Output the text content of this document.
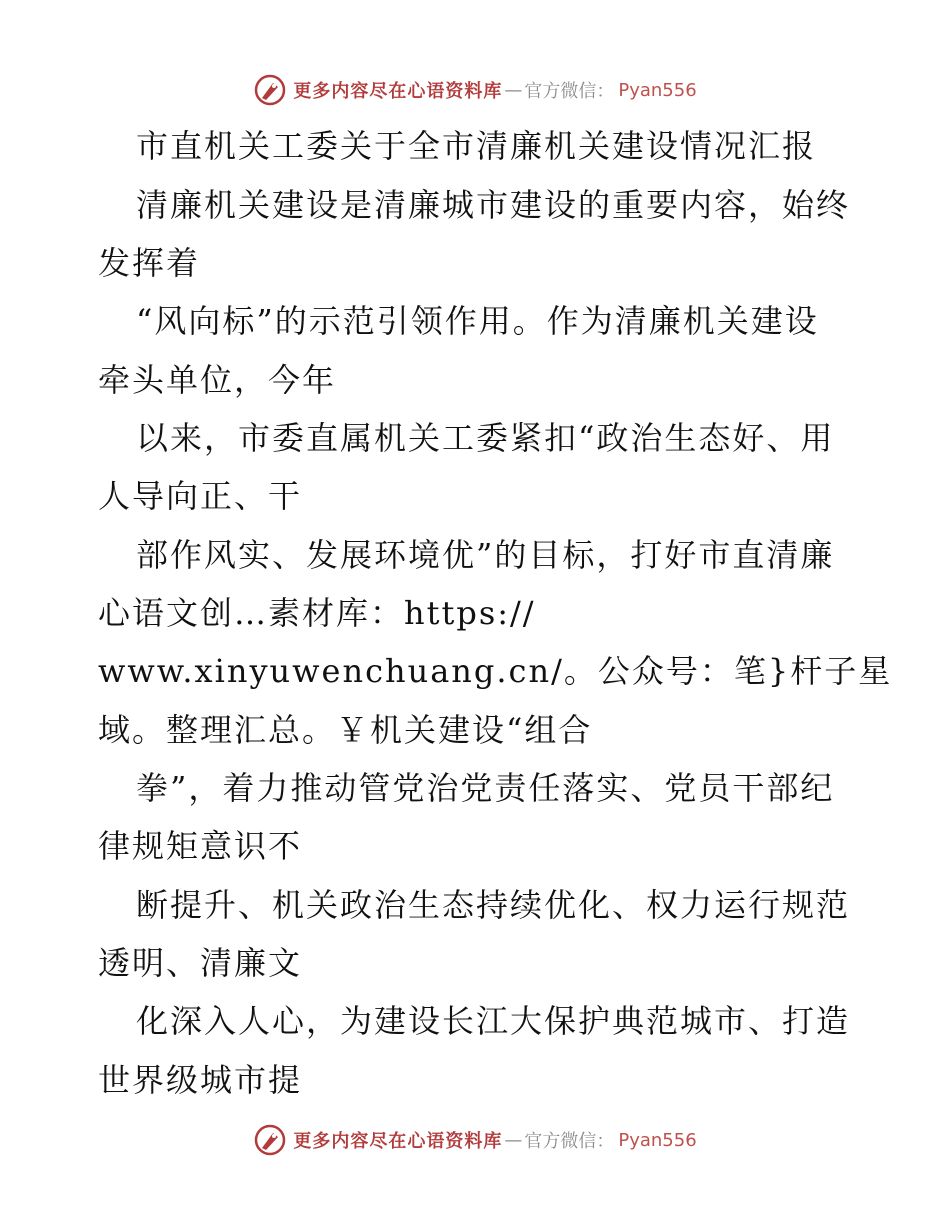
更多内容尽在心语资料库 — 官方微信： Pyan556
市直机关工委关于全市清廉机关建设情况汇报
清廉机关建设是清廉城市建设的重要内容，始终
发挥着
“风向标”的示范引领作用。作为清廉机关建设
牵头单位，今年
以来，市委直属机关工委紧扣“政治生态好、用
人导向正、干
部作风实、发展环境优”的目标，打好市直清廉
心语文创…素材库：https://
www.xinyuwenchuang.cn/。公众号：笔}杆子星
域。整理汇总。￥机关建设“组合
拳”，着力推动管党治党责任落实、党员干部纪
律规矩意识不
断提升、机关政治生态持续优化、权力运行规范
透明、清廉文
化深入人心，为建设长江大保护典范城市、打造
世界级城市提
更多内容尽在心语资料库 — 官方微信： Pyan556
